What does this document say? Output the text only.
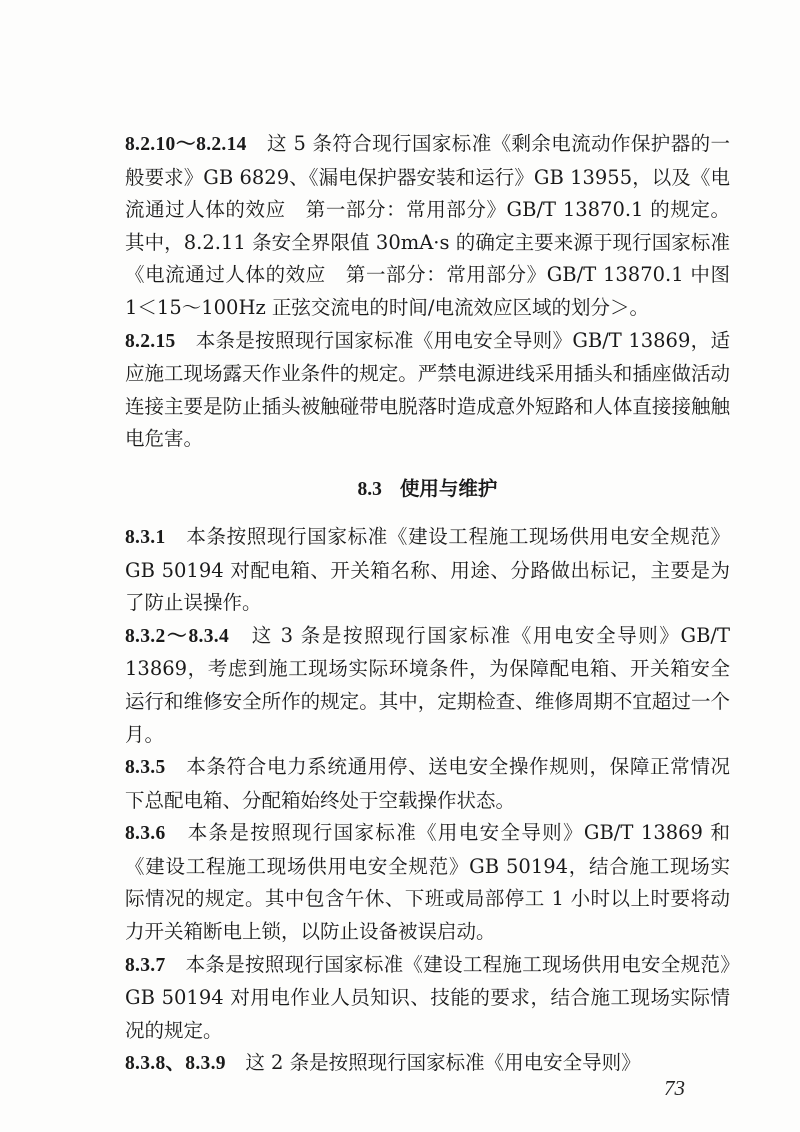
8.2.10～8.2.14　这 5 条符合现行国家标准《剩余电流动作保护器的一般要求》GB 6829、《漏电保护器安装和运行》GB 13955，以及《电流通过人体的效应　第一部分：常用部分》GB/T 13870.1 的规定。其中，8.2.11 条安全界限值 30mA·s 的确定主要来源于现行国家标准《电流通过人体的效应　第一部分：常用部分》GB/T 13870.1 中图 1＜15～100Hz 正弦交流电的时间/电流效应区域的划分＞。

8.2.15　本条是按照现行国家标准《用电安全导则》GB/T 13869，适应施工现场露天作业条件的规定。严禁电源进线采用插头和插座做活动连接主要是防止插头被触碰带电脱落时造成意外短路和人体直接接触触电危害。

8.3 使用与维护

8.3.1　本条按照现行国家标准《建设工程施工现场供用电安全规范》GB 50194 对配电箱、开关箱名称、用途、分路做出标记，主要是为了防止误操作。

8.3.2～8.3.4　这 3 条是按照现行国家标准《用电安全导则》GB/T 13869，考虑到施工现场实际环境条件，为保障配电箱、开关箱安全运行和维修安全所作的规定。其中，定期检查、维修周期不宜超过一个月。

8.3.5　本条符合电力系统通用停、送电安全操作规则，保障正常情况下总配电箱、分配箱始终处于空载操作状态。

8.3.6　本条是按照现行国家标准《用电安全导则》GB/T 13869 和《建设工程施工现场供用电安全规范》GB 50194，结合施工现场实际情况的规定。其中包含午休、下班或局部停工 1 小时以上时要将动力开关箱断电上锁，以防止设备被误启动。

8.3.7　本条是按照现行国家标准《建设工程施工现场供用电安全规范》GB 50194 对用电作业人员知识、技能的要求，结合施工现场实际情况的规定。

8.3.8、8.3.9　这 2 条是按照现行国家标准《用电安全导则》

73
